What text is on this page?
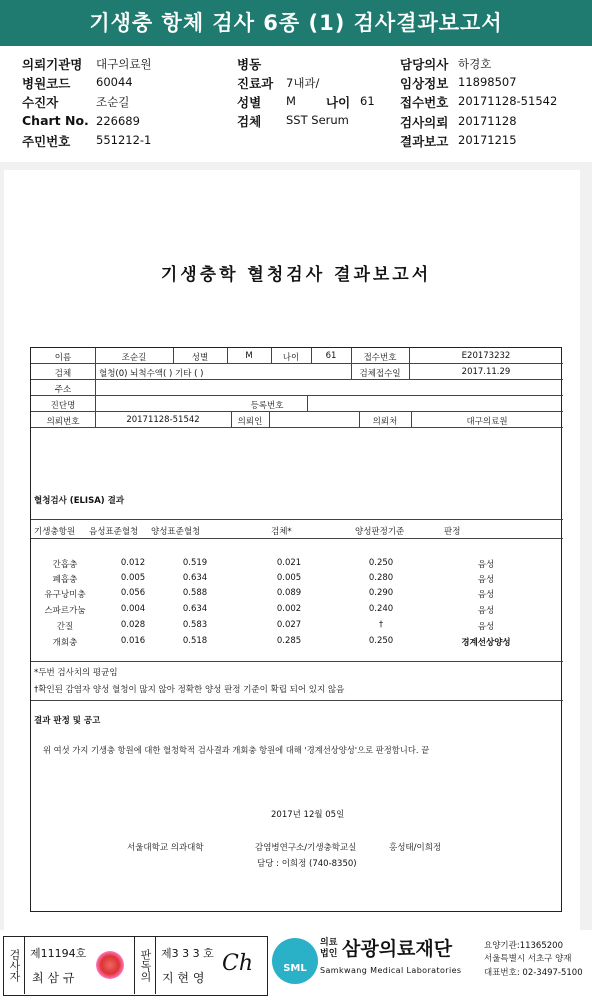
기생충 항체 검사 6종 (1) 검사결과보고서
의뢰기관명 대구의료원
병원코드 60044
수진자	조순길
Chart No. 226689
주민번호 551212-1
병동
진료과 7내과/
성별 M 나이 61
검체 SST Serum
담당의사 하경호
임상정보 11898507
접수번호 20171128-51542
검사의뢰 20171128
결과보고 20171215
기생충학 혈청검사 결과보고서
이름	조순길	성별	M	나이	61	접수번호	E20173232
검체	혈청(0) 뇌척수액( ) 기타 ( )	검체접수일	2017.11.29
주소
진단명	등록번호
의뢰번호	20171128-51542	의뢰인	의뢰처	대구의료원
혈청검사 (ELISA) 결과
기생충항원 음성표준혈청 양성표준혈청	검체*	양성판정기준	판정
간흡충	0.012	0.519	0.021	0.250	음성
폐흡충	0.005	0.634	0.005	0.280	음성
유구낭미충	0.056	0.588	0.089	0.290	음성
스파르가눔	0.004	0.634	0.002	0.240	음성
간질	0.028	0.583	0.027	†	음성
개회충	0.016	0.518	0.285	0.250	경계선상양성
*두번 검사치의 평균임
†확인된 감염자 양성 혈청이 많지 않아 정확한 양성 판정 기준이 확립 되어 있지 않음
결과 판정 및 공고
위 여섯 가지 기생충 항원에 대한 혈청학적 검사결과 개회충 항원에 대해 '경계선상양성'으로 판정함니다. 끝
2017년 12월 05일
서울대학교 의과대학	감염병연구소/기생충학교실	홍성태/이희정
담당 : 이희정 (740-8350)
검사자 제11194호
최 삼 규	판독의 제3 3 3 호
지 현 영
Ch	SML
의료법인 삼광의료재단
Samkwang Medical Laboratories
요양기관:11365200
서울특별시 서초구 양재
대표번호: 02-3497-5100
